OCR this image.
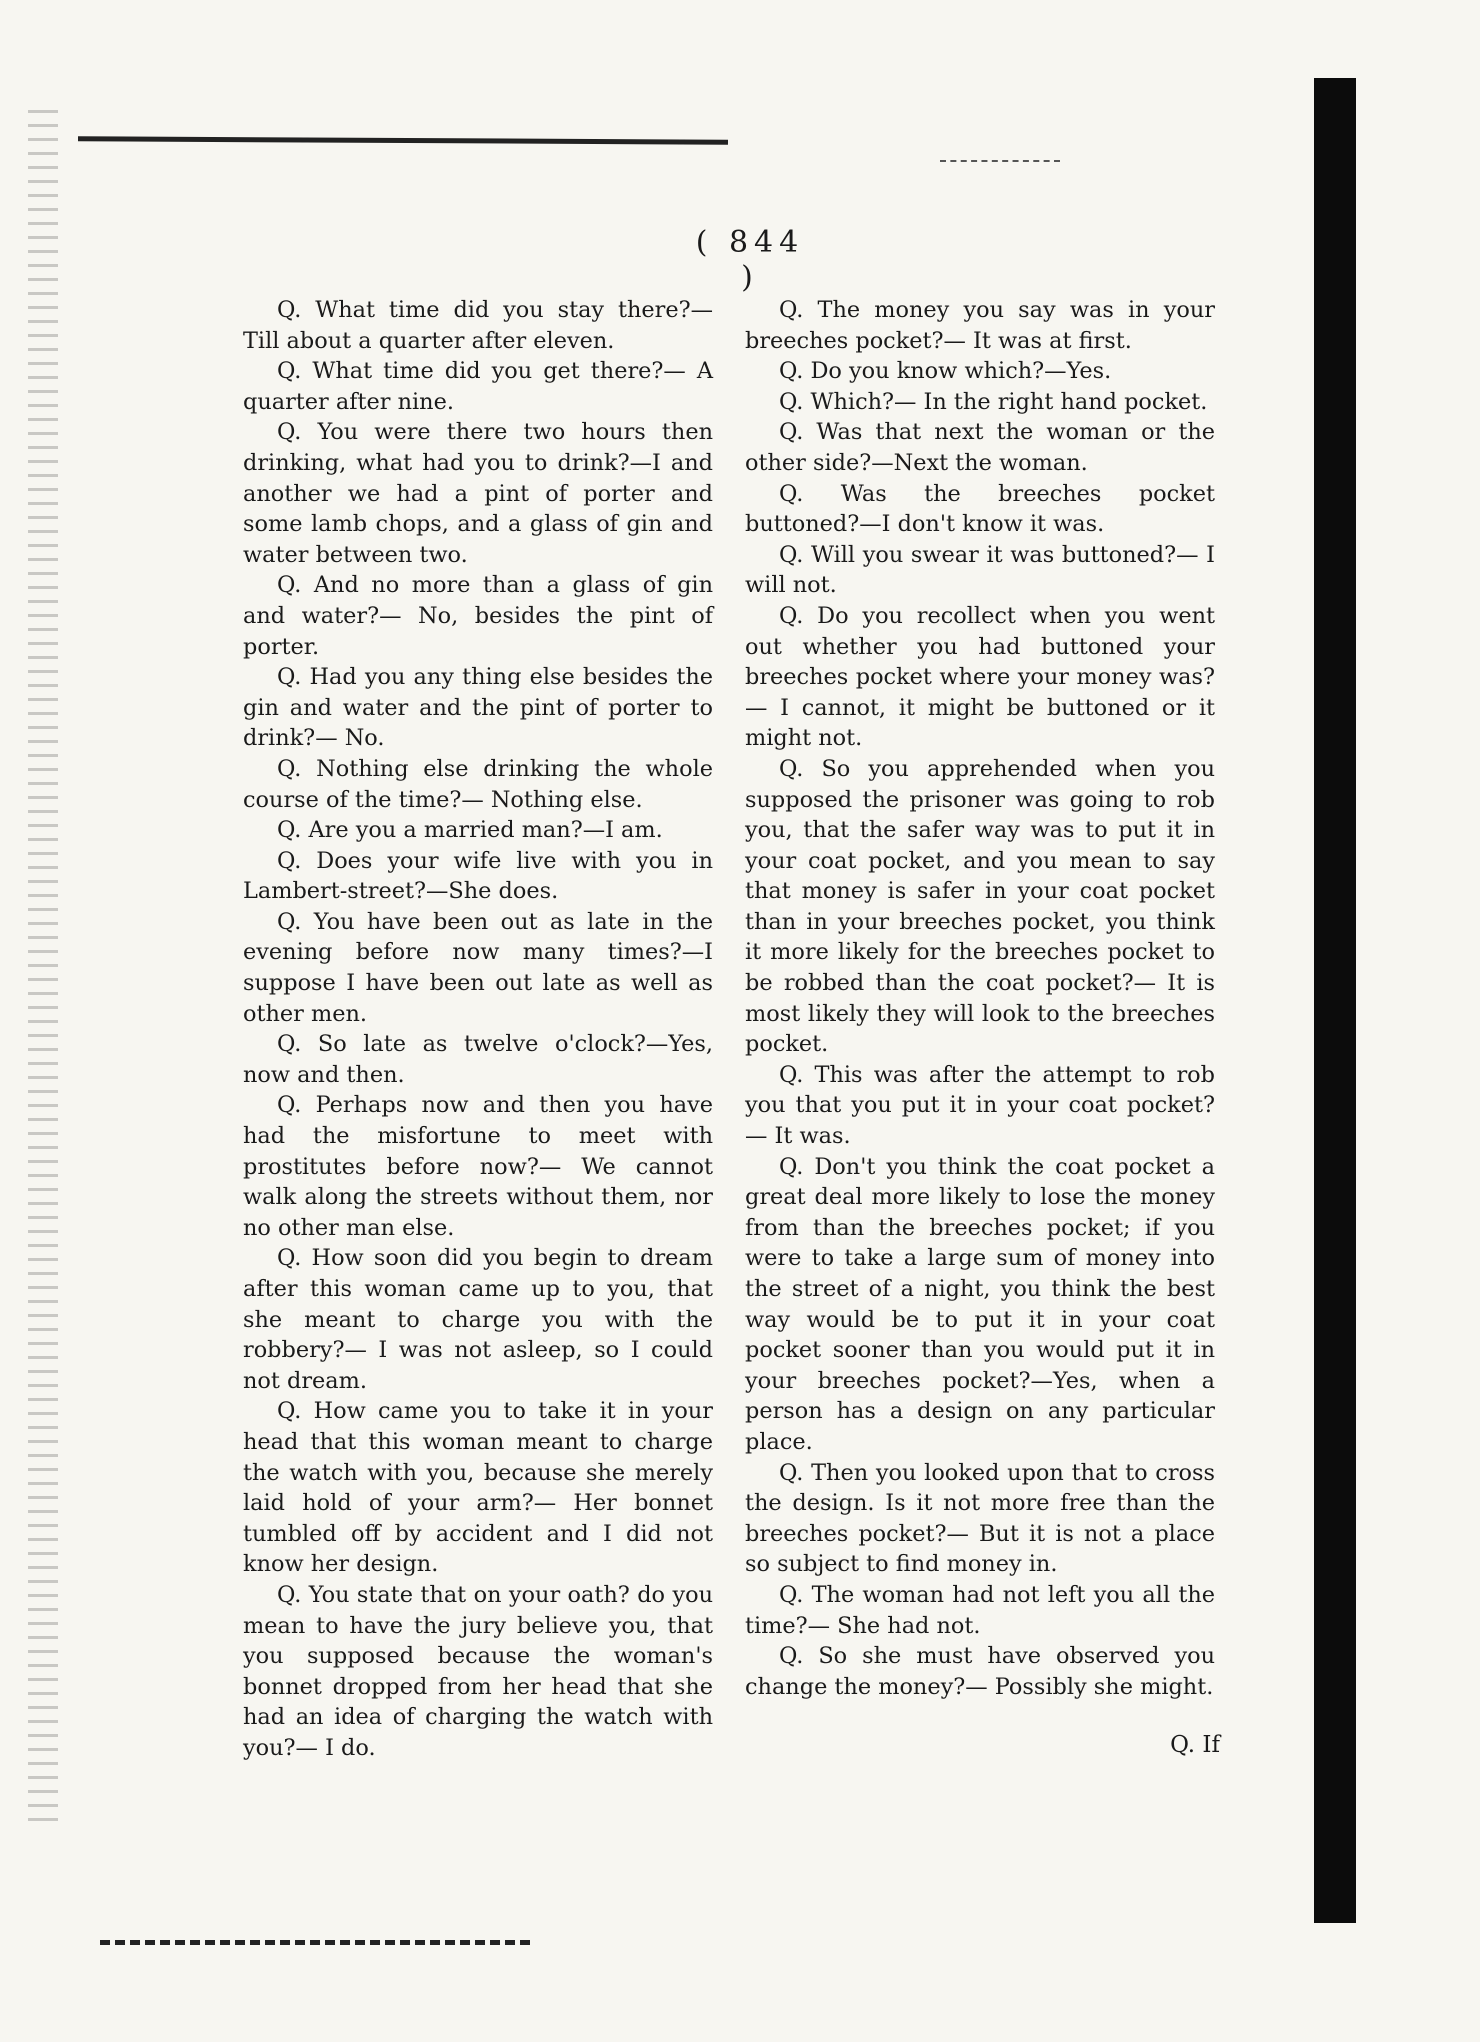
( 844 )

Q. What time did you stay there?— Till about a quarter after eleven.

Q. What time did you get there?— A quarter after nine.

Q. You were there two hours then drinking, what had you to drink?—I and another we had a pint of porter and some lamb chops, and a glass of gin and water between two.

Q. And no more than a glass of gin and water?— No, besides the pint of porter.

Q. Had you any thing else besides the gin and water and the pint of porter to drink?— No.

Q. Nothing else drinking the whole course of the time?— Nothing else.

Q. Are you a married man?—I am.

Q. Does your wife live with you in Lambert-street?—She does.

Q. You have been out as late in the evening before now many times?—I suppose I have been out late as well as other men.

Q. So late as twelve o'clock?—Yes, now and then.

Q. Perhaps now and then you have had the misfortune to meet with prostitutes before now?— We cannot walk along the streets without them, nor no other man else.

Q. How soon did you begin to dream after this woman came up to you, that she meant to charge you with the robbery?— I was not asleep, so I could not dream.

Q. How came you to take it in your head that this woman meant to charge the watch with you, because she merely laid hold of your arm?— Her bonnet tumbled off by accident and I did not know her design.

Q. You state that on your oath? do you mean to have the jury believe you, that you supposed because the woman's bonnet dropped from her head that she had an idea of charging the watch with you?— I do.

Q. The money you say was in your breeches pocket?— It was at first.

Q. Do you know which?—Yes.

Q. Which?— In the right hand pocket.

Q. Was that next the woman or the other side?—Next the woman.

Q. Was the breeches pocket buttoned?—I don't know it was.

Q. Will you swear it was buttoned?— I will not.

Q. Do you recollect when you went out whether you had buttoned your breeches pocket where your money was?— I cannot, it might be buttoned or it might not.

Q. So you apprehended when you supposed the prisoner was going to rob you, that the safer way was to put it in your coat pocket, and you mean to say that money is safer in your coat pocket than in your breeches pocket, you think it more likely for the breeches pocket to be robbed than the coat pocket?— It is most likely they will look to the breeches pocket.

Q. This was after the attempt to rob you that you put it in your coat pocket? — It was.

Q. Don't you think the coat pocket a great deal more likely to lose the money from than the breeches pocket; if you were to take a large sum of money into the street of a night, you think the best way would be to put it in your coat pocket sooner than you would put it in your breeches pocket?—Yes, when a person has a design on any particular place.

Q. Then you looked upon that to cross the design. Is it not more free than the breeches pocket?— But it is not a place so subject to find money in.

Q. The woman had not left you all the time?— She had not.

Q. So she must have observed you change the money?— Possibly she might.

Q. If
